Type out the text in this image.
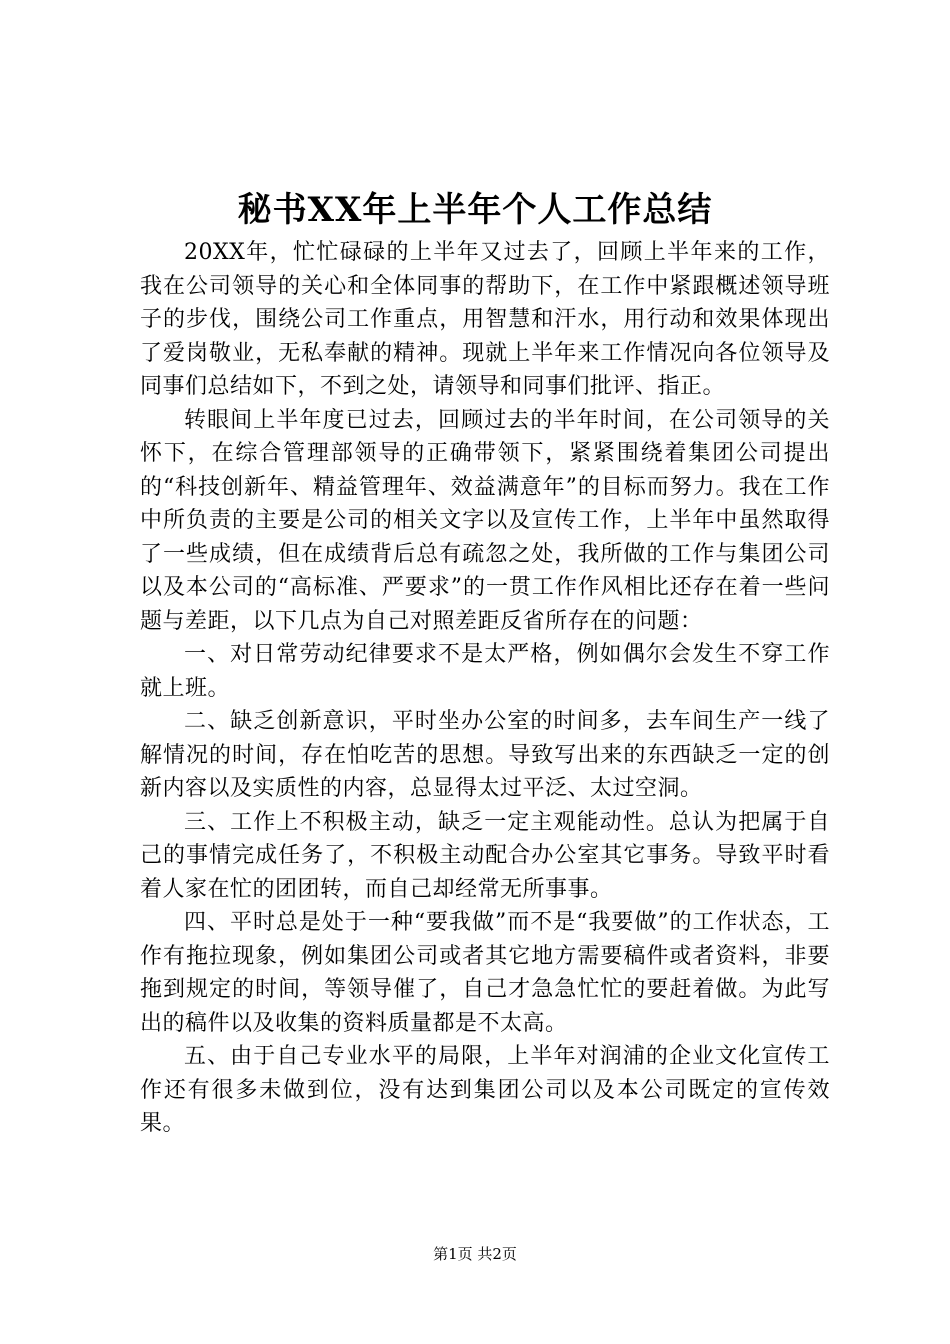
秘书XX年上半年个人工作总结

20XX年，忙忙碌碌的上半年又过去了，回顾上半年来的工作，我在公司领导的关心和全体同事的帮助下，在工作中紧跟概述领导班子的步伐，围绕公司工作重点，用智慧和汗水，用行动和效果体现出了爱岗敬业，无私奉献的精神。现就上半年来工作情况向各位领导及同事们总结如下，不到之处，请领导和同事们批评、指正。

转眼间上半年度已过去，回顾过去的半年时间，在公司领导的关怀下，在综合管理部领导的正确带领下，紧紧围绕着集团公司提出的“科技创新年、精益管理年、效益满意年”的目标而努力。我在工作中所负责的主要是公司的相关文字以及宣传工作，上半年中虽然取得了一些成绩，但在成绩背后总有疏忽之处，我所做的工作与集团公司以及本公司的“高标准、严要求”的一贯工作作风相比还存在着一些问题与差距，以下几点为自己对照差距反省所存在的问题：

一、对日常劳动纪律要求不是太严格，例如偶尔会发生不穿工作就上班。

二、缺乏创新意识，平时坐办公室的时间多，去车间生产一线了解情况的时间，存在怕吃苦的思想。导致写出来的东西缺乏一定的创新内容以及实质性的内容，总显得太过平泛、太过空洞。

三、工作上不积极主动，缺乏一定主观能动性。总认为把属于自己的事情完成任务了，不积极主动配合办公室其它事务。导致平时看着人家在忙的团团转，而自己却经常无所事事。

四、平时总是处于一种“要我做”而不是“我要做”的工作状态，工作有拖拉现象，例如集团公司或者其它地方需要稿件或者资料，非要拖到规定的时间，等领导催了，自己才急急忙忙的要赶着做。为此写出的稿件以及收集的资料质量都是不太高。

五、由于自己专业水平的局限，上半年对润浦的企业文化宣传工作还有很多未做到位，没有达到集团公司以及本公司既定的宣传效果。

第1页 共2页
